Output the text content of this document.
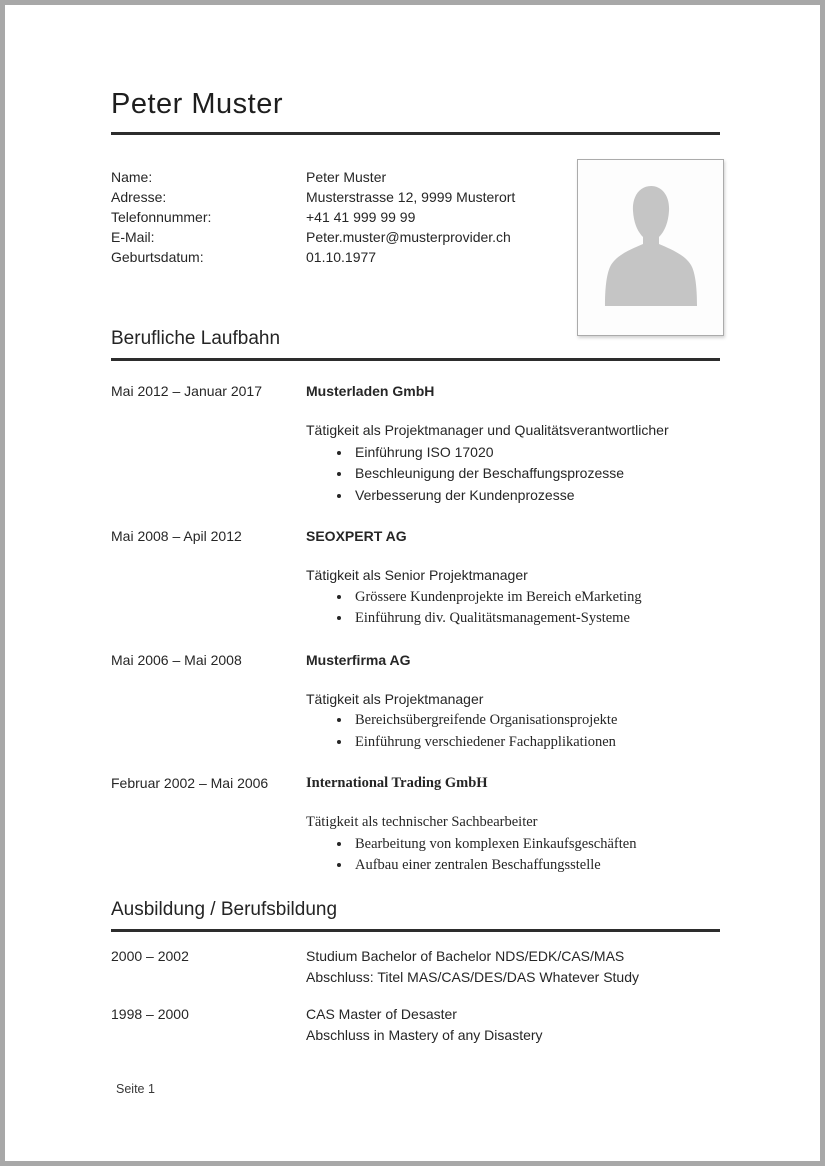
Peter Muster
Name:	Peter Muster
Adresse:	Musterstrasse 12, 9999 Musterort
Telefonnummer:	+41 41 999 99 99
E-Mail:	Peter.muster@musterprovider.ch
Geburtsdatum:	01.10.1977
Berufliche Laufbahn
Mai 2012 – Januar 2017	Musterladen GmbH
Tätigkeit als Projektmanager und Qualitätsverantwortlicher
• Einführung ISO 17020
• Beschleunigung der Beschaffungsprozesse
• Verbesserung der Kundenprozesse
Mai 2008 – Apil 2012	SEOXPERT AG
Tätigkeit als Senior Projektmanager
• Grössere Kundenprojekte im Bereich eMarketing
• Einführung div. Qualitätsmanagement-Systeme
Mai 2006 – Mai 2008	Musterfirma AG
Tätigkeit als Projektmanager
• Bereichsübergreifende Organisationsprojekte
• Einführung verschiedener Fachapplikationen
Februar 2002 – Mai 2006	International Trading GmbH
Tätigkeit als technischer Sachbearbeiter
• Bearbeitung von komplexen Einkaufsgeschäften
• Aufbau einer zentralen Beschaffungsstelle
Ausbildung / Berufsbildung
2000 – 2002	Studium Bachelor of Bachelor NDS/EDK/CAS/MAS
Abschluss: Titel MAS/CAS/DES/DAS Whatever Study
1998 – 2000	CAS Master of Desaster
Abschluss in Mastery of any Disastery
Seite 1
